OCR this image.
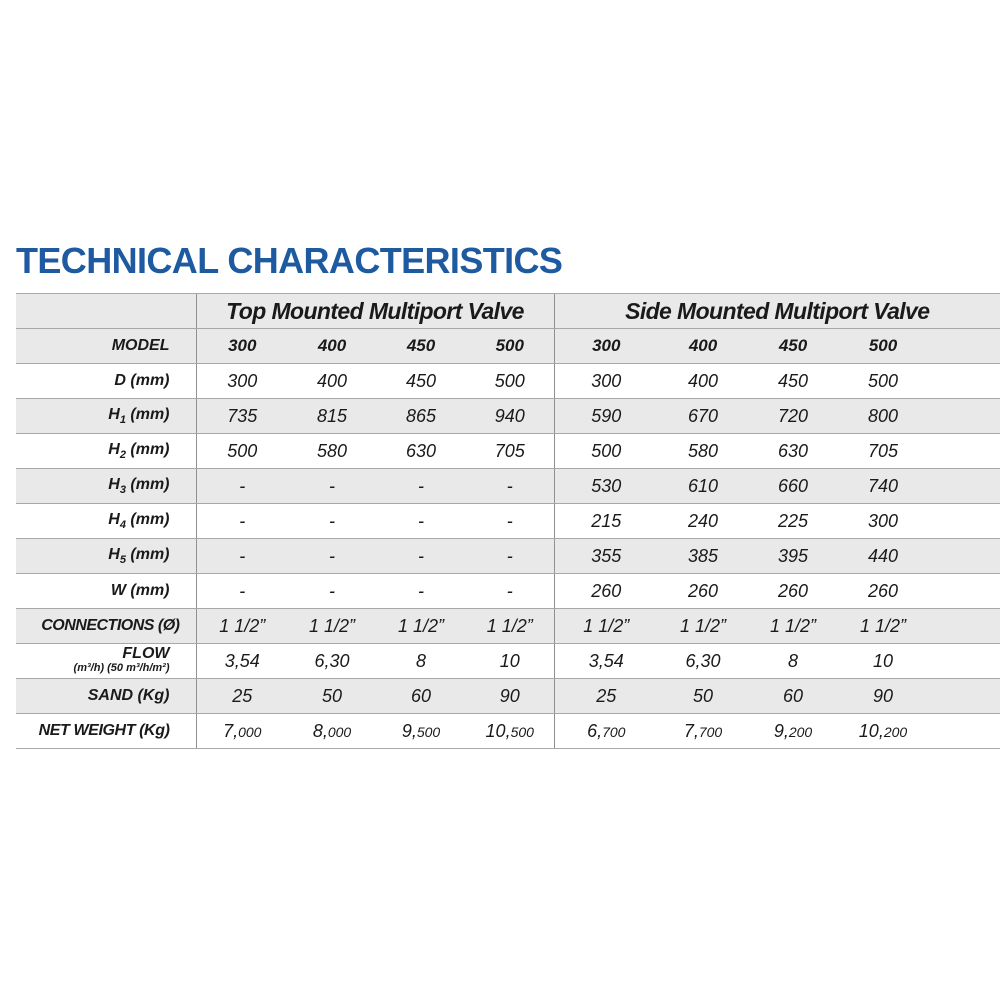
TECHNICAL CHARACTERISTICS
	Top Mounted Multiport Valve				Side Mounted Multiport Valve				
MODEL	300	400	450	500	300	400	450	500	
D (mm)	300	400	450	500	300	400	450	500	
$H_1$ (mm)	735	815	865	940	590	670	720	800	
$H_2$ (mm)	500	580	630	705	500	580	630	705	
$H_3$ (mm)	-	-	-	-	530	610	660	740	
$H_4$ (mm)	-	-	-	-	215	240	225	300	
$H_5$ (mm)	-	-	-	-	355	385	395	440	
W (mm)	-	-	-	-	260	260	260	260	
CONNECTIONS (Ø)	1 1/2”	1 1/2”	1 1/2”	1 1/2”	1 1/2”	1 1/2”	1 1/2”	1 1/2”	

FLOW
(m³/h) (50 m³/h/m²)	3,54	6,30	8	10	3,54	6,30	8	10	
SAND (Kg)	25	50	60	90	25	50	60	90	
NET WEIGHT (Kg)	7,000	8,000	9,500	10,500	6,700	7,700	9,200	10,200	
